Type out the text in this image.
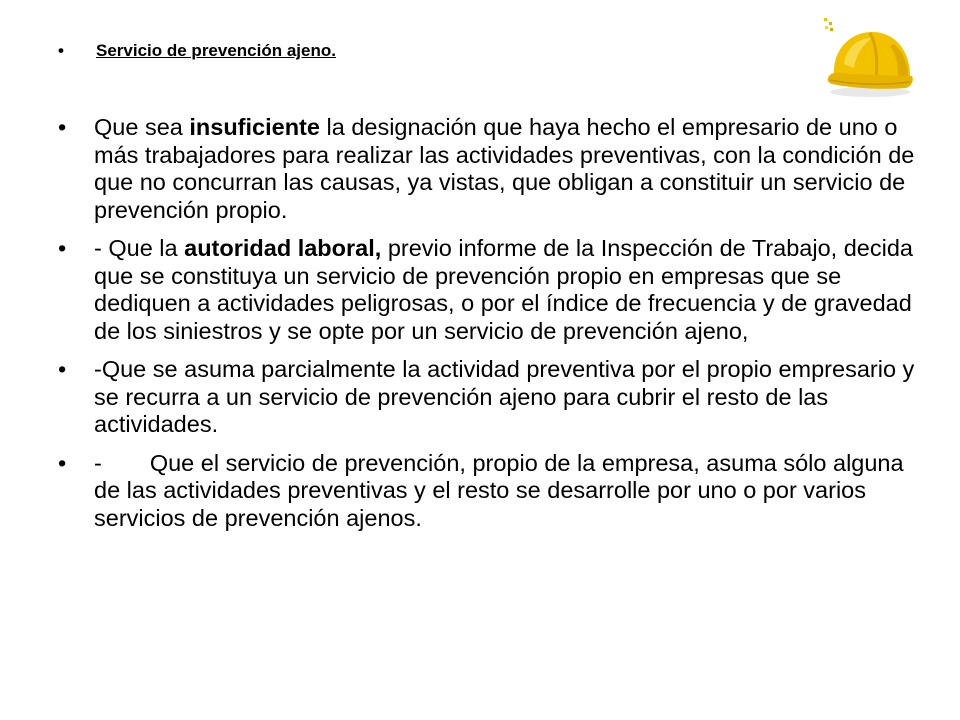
• Servicio de prevención ajeno.
• Que sea insuficiente la designación que haya hecho el empresario de uno o más trabajadores para realizar las actividades preventivas, con la condición de que no concurran las causas, ya vistas, que obligan a constituir un servicio de prevención propio.
• - Que la autoridad laboral, previo informe de la Inspección de Trabajo, decida que se constituya un servicio de prevención propio en empresas que se dediquen a actividades peligrosas, o por el índice de frecuencia y de gravedad de los siniestros y se opte por un servicio de prevención ajeno,
• -Que se asuma parcialmente la actividad preventiva por el propio empresario y se recurra a un servicio de prevención ajeno para cubrir el resto de las actividades.
• - Que el servicio de prevención, propio de la empresa, asuma sólo alguna de las actividades preventivas y el resto se desarrolle por uno o por varios servicios de prevención ajenos.
